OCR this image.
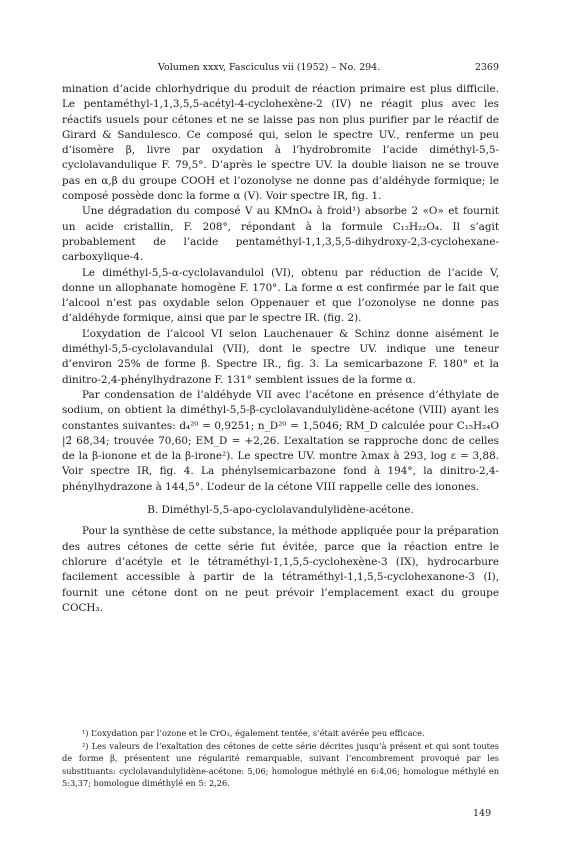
Volumen xxxv, Fasciculus vii (1952) – No. 294.	2369

mination d’acide chlorhydrique du produit de réaction primaire est plus difficile. Le pentaméthyl-1,1,3,5,5-acétyl-4-cyclohexène-2 (IV) ne réagit plus avec les réactifs usuels pour cétones et ne se laisse pas non plus purifier par le réactif de Girard & Sandulesco. Ce composé qui, selon le spectre UV., renferme un peu d’isomère β, livre par oxydation à l’hydrobromite l’acide diméthyl-5,5-cyclolavandulique F. 79,5°. D’après le spectre UV. la double liaison ne se trouve pas en α,β du groupe COOH et l’ozonolyse ne donne pas d’aldéhyde formique; le composé possède donc la forme α (V). Voir spectre IR, fig. 1.

Une dégradation du composé V au KMnO₄ à froid¹) absorbe 2 «O» et fournit un acide cristallin, F. 208°, répondant à la formule C₁₂H₂₂O₄. Il s’agit probablement de l’acide pentaméthyl-1,1,3,5,5-dihydroxy-2,3-cyclohexane-carboxylique-4.

Le diméthyl-5,5-α-cyclolavandulol (VI), obtenu par réduction de l’acide V, donne un allophanate homogène F. 170°. La forme α est confirmée par le fait que l’alcool n’est pas oxydable selon Oppenauer et que l’ozonolyse ne donne pas d’aldéhyde formique, ainsi que par le spectre IR. (fig. 2).

L’oxydation de l’alcool VI selon Lauchenauer & Schinz donne aisément le diméthyl-5,5-cyclolavandulal (VII), dont le spectre UV. indique une teneur d’environ 25% de forme β. Spectre IR., fig. 3. La semicarbazone F. 180° et la dinitro-2,4-phénylhydrazone F. 131° semblent issues de la forme α.

Par condensation de l’aldéhyde VII avec l’acétone en présence d’éthylate de sodium, on obtient la diméthyl-5,5-β-cyclolavandulylidène-acétone (VIII) ayant les constantes suivantes: d₄²⁰ = 0,9251; n_D²⁰ = 1,5046; RM_D calculée pour C₁₅H₂₄O |2̄ 68,34; trouvée 70,60; EM_D = +2,26. L’exaltation se rapproche donc de celles de la β-ionone et de la β-irone²). Le spectre UV. montre λmax à 293, log ε = 3,88. Voir spectre IR, fig. 4. La phénylsemicarbazone fond à 194°, la dinitro-2,4-phénylhydrazone à 144,5°. L’odeur de la cétone VIII rappelle celle des ionones.

B. Diméthyl-5,5-apo-cyclolavandulylidène-acétone.

Pour la synthèse de cette substance, la méthode appliquée pour la préparation des autres cétones de cette série fut évitée, parce que la réaction entre le chlorure d’acétyle et le tétraméthyl-1,1,5,5-cyclohexène-3 (IX), hydrocarbure facilement accessible à partir de la tétraméthyl-1,1,5,5-cyclohexanone-3 (I), fournit une cétone dont on ne peut prévoir l’emplacement exact du groupe COCH₃.

¹) L’oxydation par l’ozone et le CrO₃, également tentée, s’était avérée peu efficace.

²) Les valeurs de l’exaltation des cétones de cette série décrites jusqu’à présent et qui sont toutes de forme β, présentent une régularité remarquable, suivant l’encombrement provoqué par les substituants: cyclolavandulylidène-acétone: 5,06; homologue méthylé en 6:4,06; homologue méthylé en 5:3,37; homologue diméthylé en 5: 2,26.

149
